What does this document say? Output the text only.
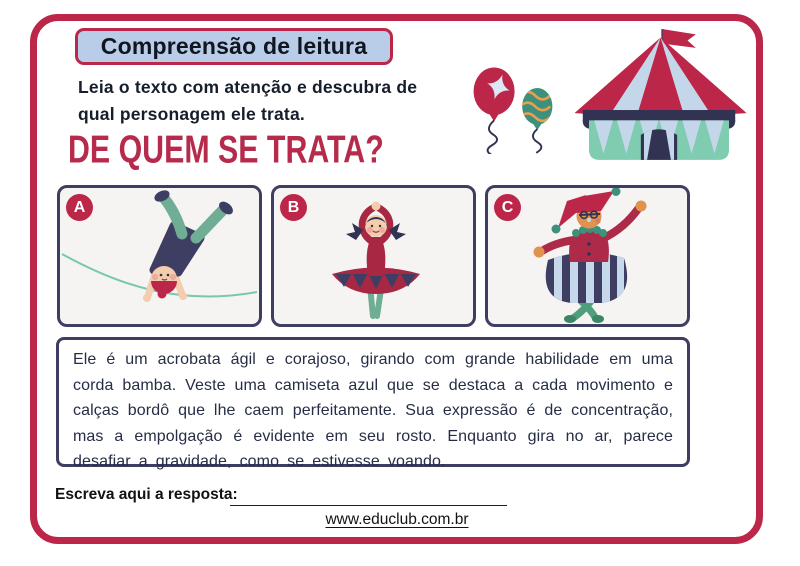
Compreensão de leitura
Leia o texto com atenção e descubra de
qual personagem ele trata.
DE QUEM SE TRATA?
A	B	C
Ele é um acrobata ágil e corajoso, girando com grande habilidade em uma corda bamba. Veste uma camiseta azul que se destaca a cada movimento e calças bordô que lhe caem perfeitamente. Sua expressão é de concentração, mas a empolgação é evidente em seu rosto. Enquanto gira no ar, parece desafiar a gravidade, como se estivesse voando.
Escreva aqui a resposta:
www.educlub.com.br
